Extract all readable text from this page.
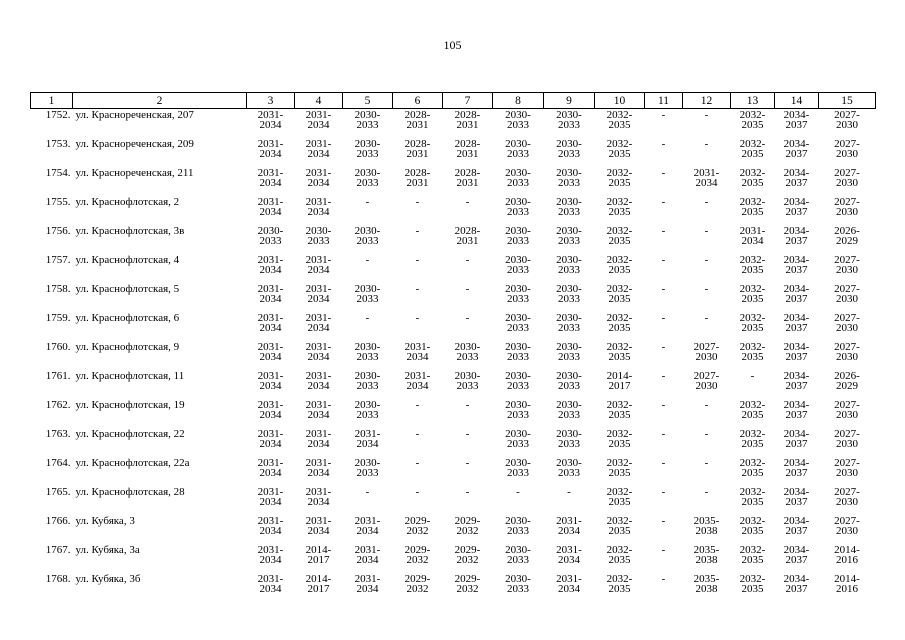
105
1	2	3	4	5	6	7	8	9	10	11	12	13	14	15
1752.	ул. Красноречeнская, 207	2031-
2034	2031-
2034	2030-
2033	2028-
2031	2028-
2031	2030-
2033	2030-
2033	2032-
2035	-	-	2032-
2035	2034-
2037	2027-
2030

1753.	ул. Красноречeнская, 209	2031-
2034	2031-
2034	2030-
2033	2028-
2031	2028-
2031	2030-
2033	2030-
2033	2032-
2035	-	-	2032-
2035	2034-
2037	2027-
2030

1754.	ул. Красноречeнская, 211	2031-
2034	2031-
2034	2030-
2033	2028-
2031	2028-
2031	2030-
2033	2030-
2033	2032-
2035	-	2031-
2034	2032-
2035	2034-
2037	2027-
2030

1755.	ул. Краснофлотская, 2	2031-
2034	2031-
2034	-	-	-	2030-
2033	2030-
2033	2032-
2035	-	-	2032-
2035	2034-
2037	2027-
2030

1756.	ул. Краснофлотская, 3в	2030-
2033	2030-
2033	2030-
2033	-	2028-
2031	2030-
2033	2030-
2033	2032-
2035	-	-	2031-
2034	2034-
2037	2026-
2029

1757.	ул. Краснофлотская, 4	2031-
2034	2031-
2034	-	-	-	2030-
2033	2030-
2033	2032-
2035	-	-	2032-
2035	2034-
2037	2027-
2030

1758.	ул. Краснофлотская, 5	2031-
2034	2031-
2034	2030-
2033	-	-	2030-
2033	2030-
2033	2032-
2035	-	-	2032-
2035	2034-
2037	2027-
2030

1759.	ул. Краснофлотская, 6	2031-
2034	2031-
2034	-	-	-	2030-
2033	2030-
2033	2032-
2035	-	-	2032-
2035	2034-
2037	2027-
2030

1760.	ул. Краснофлотская, 9	2031-
2034	2031-
2034	2030-
2033	2031-
2034	2030-
2033	2030-
2033	2030-
2033	2032-
2035	-	2027-
2030	2032-
2035	2034-
2037	2027-
2030

1761.	ул. Краснофлотская, 11	2031-
2034	2031-
2034	2030-
2033	2031-
2034	2030-
2033	2030-
2033	2030-
2033	2014-
2017	-	2027-
2030	-	2034-
2037	2026-
2029

1762.	ул. Краснофлотская, 19	2031-
2034	2031-
2034	2030-
2033	-	-	2030-
2033	2030-
2033	2032-
2035	-	-	2032-
2035	2034-
2037	2027-
2030

1763.	ул. Краснофлотская, 22	2031-
2034	2031-
2034	2031-
2034	-	-	2030-
2033	2030-
2033	2032-
2035	-	-	2032-
2035	2034-
2037	2027-
2030

1764.	ул. Краснофлотская, 22а	2031-
2034	2031-
2034	2030-
2033	-	-	2030-
2033	2030-
2033	2032-
2035	-	-	2032-
2035	2034-
2037	2027-
2030

1765.	ул. Краснофлотская, 28	2031-
2034	2031-
2034	-	-	-	-	-	2032-
2035	-	-	2032-
2035	2034-
2037	2027-
2030

1766.	ул. Кубяка, 3	2031-
2034	2031-
2034	2031-
2034	2029-
2032	2029-
2032	2030-
2033	2031-
2034	2032-
2035	-	2035-
2038	2032-
2035	2034-
2037	2027-
2030

1767.	ул. Кубяка, 3а	2031-
2034	2014-
2017	2031-
2034	2029-
2032	2029-
2032	2030-
2033	2031-
2034	2032-
2035	-	2035-
2038	2032-
2035	2034-
2037	2014-
2016

1768.	ул. Кубяка, 3б	2031-
2034	2014-
2017	2031-
2034	2029-
2032	2029-
2032	2030-
2033	2031-
2034	2032-
2035	-	2035-
2038	2032-
2035	2034-
2037	2014-
2016
